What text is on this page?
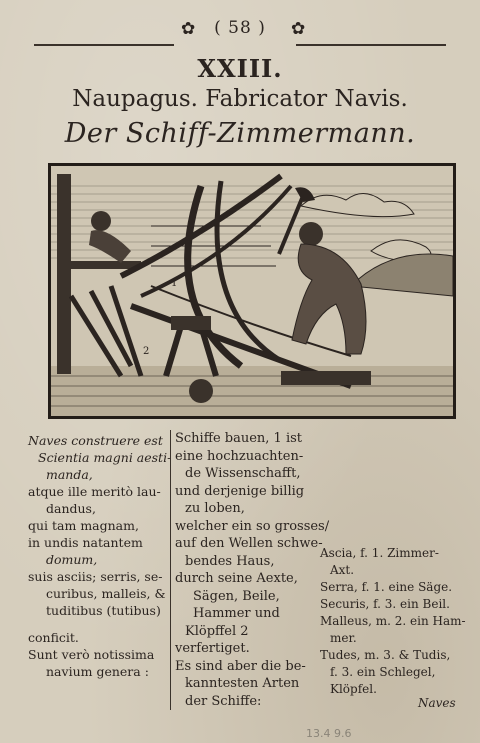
✿	( 58 )	✿
XXIII.
Naupagus. Fabricator Navis.
Der Schiff-Zimmermann.
1
2
Naves construere est
Scientia magni aesti-
manda,
atque ille meritò lau-
dandus,
qui tam magnam,
in undis natantem
domum,
suis asciis; serris, se-
curibus, malleis, &
tuditibus (tutibus)
conficit.
Sunt verò notissima
navium genera :
Schiffe bauen, 1 ist
eine hochzuachten-
de Wissenschafft,
und derjenige billig
zu loben,
welcher ein so grosses/
auf den Wellen schwe-
bendes Haus,
durch seine Aexte,
Sägen, Beile,
Hammer und
Klöpffel 2
verfertiget.
Es sind aber die be-
kanntesten Arten
der Schiffe:
Ascia, f. 1. Zimmer-
Axt.
Serra, f. 1. eine Säge.
Securis, f. 3. ein Beil.
Malleus, m. 2. ein Ham-
mer.
Tudes, m. 3. & Tudis,
f. 3. ein Schlegel,
Klöpfel.
Naves
13.4 9.6
